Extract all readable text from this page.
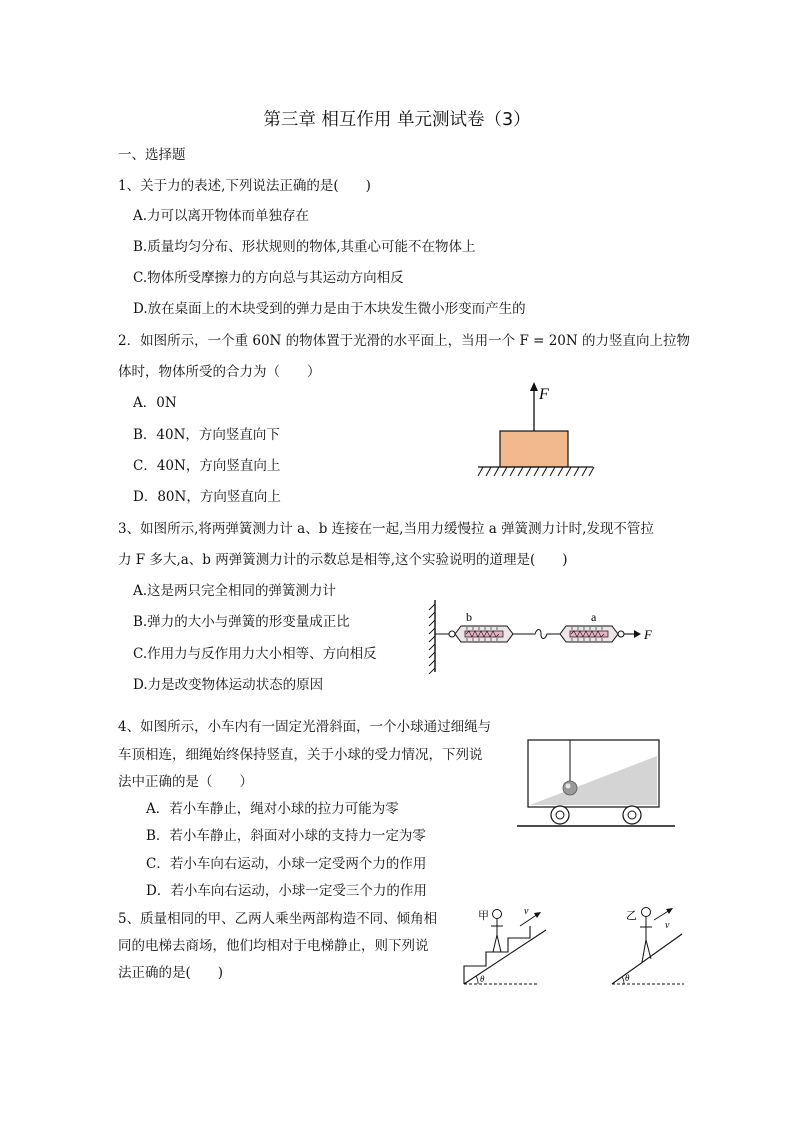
第三章 相互作用 单元测试卷（3）
一、选择题
1、关于力的表述,下列说法正确的是(　　)
A.力可以离开物体而单独存在
B.质量均匀分布、形状规则的物体,其重心可能不在物体上
C.物体所受摩擦力的方向总与其运动方向相反
D.放在桌面上的木块受到的弹力是由于木块发生微小形变而产生的
2．如图所示，一个重 60N 的物体置于光滑的水平面上，当用一个 F = 20N 的力竖直向上拉物
体时，物体所受的合力为（　　）
A．0N
B．40N，方向竖直向下
C．40N，方向竖直向上
D．80N，方向竖直向上
F
3、如图所示,将两弹簧测力计 a、b 连接在一起,当用力缓慢拉 a 弹簧测力计时,发现不管拉
力 F 多大,a、b 两弹簧测力计的示数总是相等,这个实验说明的道理是(　　)
A.这是两只完全相同的弹簧测力计
B.弹力的大小与弹簧的形变量成正比
C.作用力与反作用力大小相等、方向相反
D.力是改变物体运动状态的原因
b	a
F
4、如图所示，小车内有一固定光滑斜面，一个小球通过细绳与
车顶相连，细绳始终保持竖直，关于小球的受力情况，下列说
法中正确的是（　　）
A．若小车静止，绳对小球的拉力可能为零
B．若小车静止，斜面对小球的支持力一定为零
C．若小车向右运动，小球一定受两个力的作用
D．若小车向右运动，小球一定受三个力的作用
5、质量相同的甲、乙两人乘坐两部构造不同、倾角相
同的电梯去商场，他们均相对于电梯静止，则下列说
法正确的是(　　)	θ
甲	v
θ
乙
v
